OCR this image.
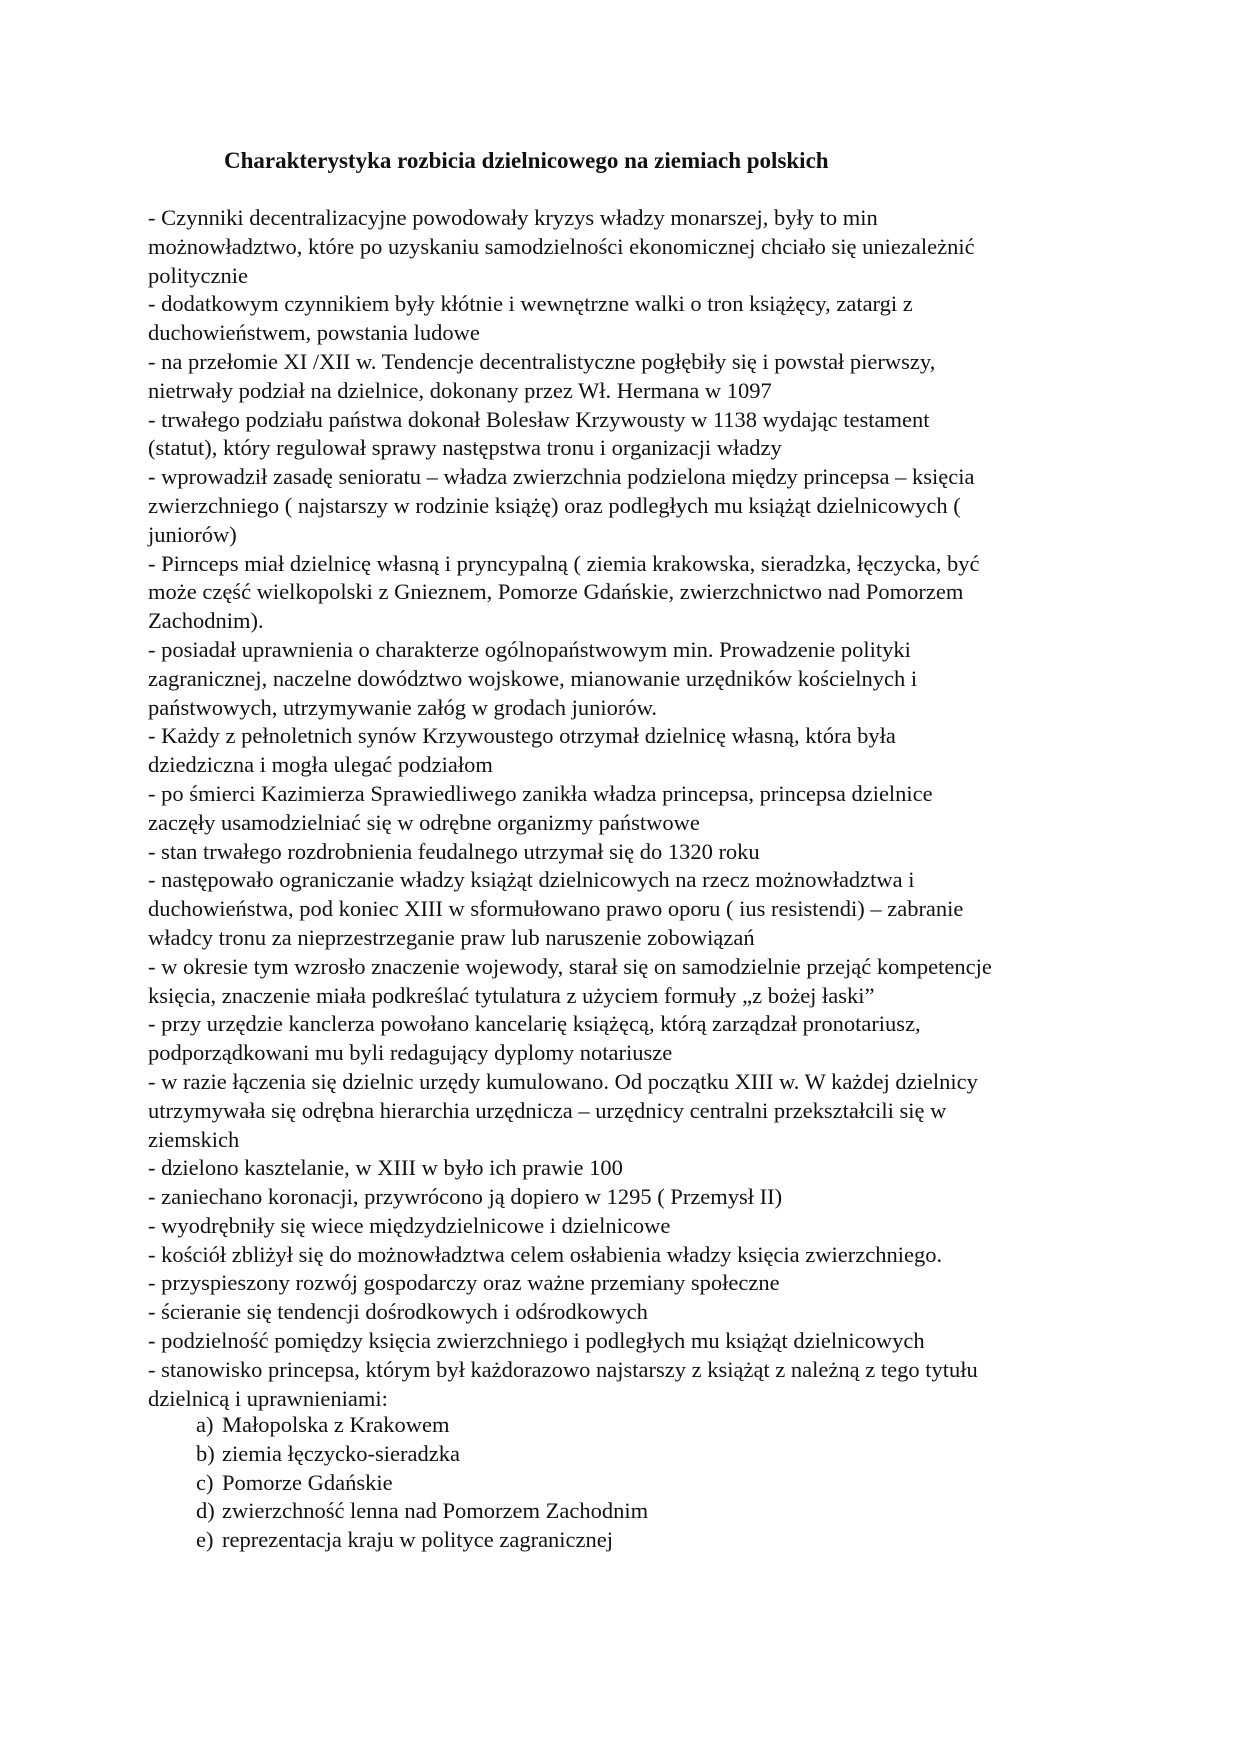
Charakterystyka rozbicia dzielnicowego na ziemiach polskich
- Czynniki decentralizacyjne powodowały kryzys władzy monarszej, były to min
możnowładztwo, które po uzyskaniu samodzielności ekonomicznej chciało się uniezależnić
politycznie
- dodatkowym czynnikiem były kłótnie i wewnętrzne walki o tron książęcy, zatargi z
duchowieństwem, powstania ludowe
- na przełomie XI /XII w. Tendencje decentralistyczne pogłębiły się i powstał pierwszy,
nietrwały podział na dzielnice, dokonany przez Wł. Hermana w 1097
- trwałego podziału państwa dokonał Bolesław Krzywousty w 1138 wydając testament
(statut), który regulował sprawy następstwa tronu i organizacji władzy
- wprowadził zasadę senioratu – władza zwierzchnia podzielona między princepsa – księcia
zwierzchniego ( najstarszy w rodzinie książę) oraz podległych mu książąt dzielnicowych (
juniorów)
- Pirnceps miał dzielnicę własną i pryncypalną ( ziemia krakowska, sieradzka, łęczycka, być
może część wielkopolski z Gnieznem, Pomorze Gdańskie, zwierzchnictwo nad Pomorzem
Zachodnim).
- posiadał uprawnienia o charakterze ogólnopaństwowym min. Prowadzenie polityki
zagranicznej, naczelne dowództwo wojskowe, mianowanie urzędników kościelnych i
państwowych, utrzymywanie załóg w grodach juniorów.
- Każdy z pełnoletnich synów Krzywoustego otrzymał dzielnicę własną, która była
dziedziczna i mogła ulegać podziałom
- po śmierci Kazimierza Sprawiedliwego zanikła władza princepsa, princepsa dzielnice
zaczęły usamodzielniać się w odrębne organizmy państwowe
- stan trwałego rozdrobnienia feudalnego utrzymał się do 1320 roku
- następowało ograniczanie władzy książąt dzielnicowych na rzecz możnowładztwa i
duchowieństwa, pod koniec XIII w sformułowano prawo oporu ( ius resistendi) – zabranie
władcy tronu za nieprzestrzeganie praw lub naruszenie zobowiązań
- w okresie tym wzrosło znaczenie wojewody, starał się on samodzielnie przejąć kompetencje
księcia, znaczenie miała podkreślać tytulatura z użyciem formuły „z bożej łaski”
- przy urzędzie kanclerza powołano kancelarię książęcą, którą zarządzał pronotariusz,
podporządkowani mu byli redagujący dyplomy notariusze
- w razie łączenia się dzielnic urzędy kumulowano. Od początku XIII w. W każdej dzielnicy
utrzymywała się odrębna hierarchia urzędnicza – urzędnicy centralni przekształcili się w
ziemskich
- dzielono kasztelanie, w XIII w było ich prawie 100
- zaniechano koronacji, przywrócono ją dopiero w 1295 ( Przemysł II)
- wyodrębniły się wiece międzydzielnicowe i dzielnicowe
- kościół zbliżył się do możnowładztwa celem osłabienia władzy księcia zwierzchniego.
- przyspieszony rozwój gospodarczy oraz ważne przemiany społeczne
- ścieranie się tendencji dośrodkowych i odśrodkowych
- podzielność pomiędzy księcia zwierzchniego i podległych mu książąt dzielnicowych
- stanowisko princepsa, którym był każdorazowo najstarszy z książąt z należną z tego tytułu
dzielnicą i uprawnieniami:
a) Małopolska z Krakowem
b) ziemia łęczycko-sieradzka
c) Pomorze Gdańskie
d) zwierzchność lenna nad Pomorzem Zachodnim
e) reprezentacja kraju w polityce zagranicznej
